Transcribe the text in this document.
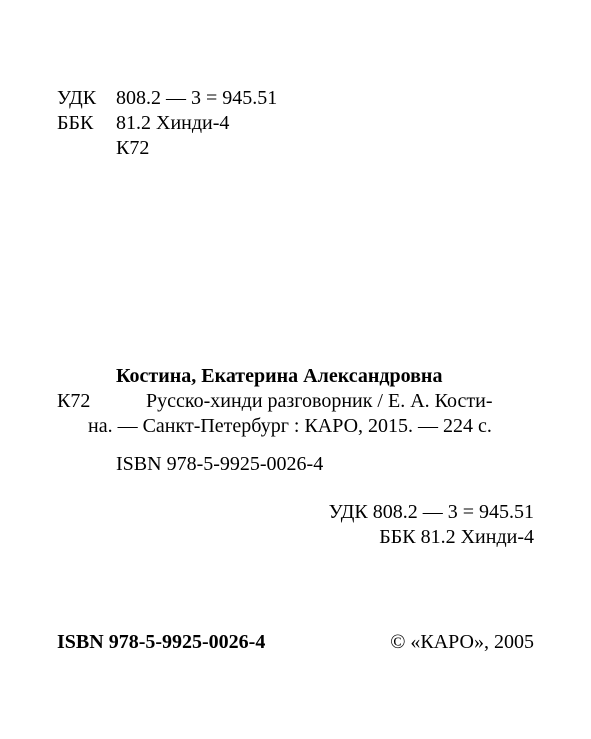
УДК 808.2 — 3 = 945.51
ББК 81.2 Хинди-4
К72
Костина, Екатерина Александровна
К72	Русско-хинди разговорник / Е. А. Кости-
на. — Санкт-Петербург : КАРО, 2015. — 224 с.
ISBN 978-5-9925-0026-4
УДК 808.2 — 3 = 945.51
ББК 81.2 Хинди-4
ISBN 978-5-9925-0026-4	© «КАРО», 2005
